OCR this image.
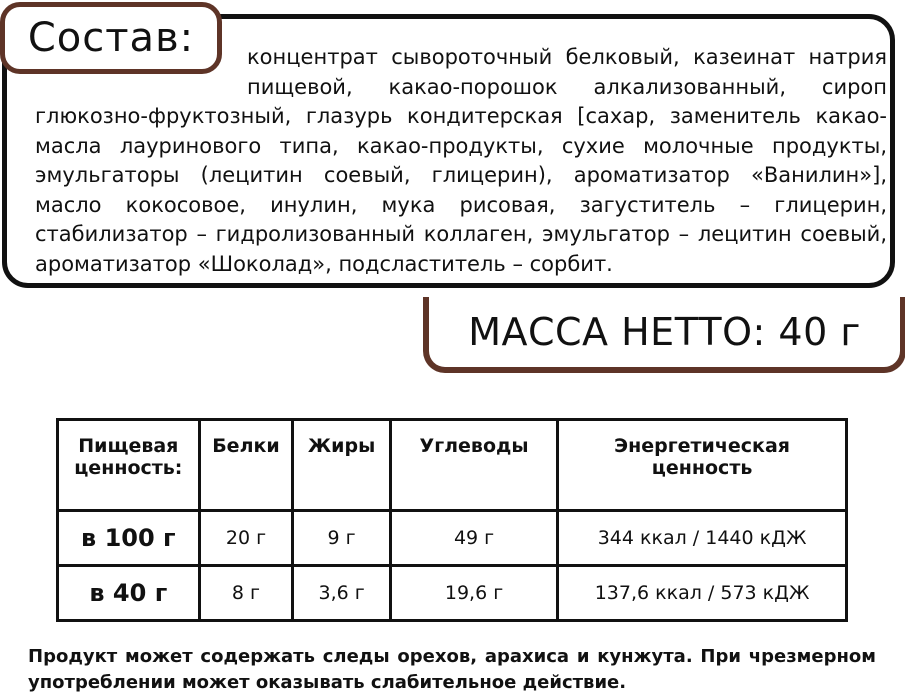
концентрат сывороточный белковый, казеинат натрия пищевой, какао-порошок алкализованный, сироп глюкозно-фруктозный, глазурь кондитерская [сахар, заменитель какао-масла лауринового типа, какао-продукты, сухие молочные продукты, эмульгаторы (лецитин соевый, глицерин), ароматизатор «Ванилин»], масло кокосовое, инулин, мука рисовая, загуститель – глицерин, стабилизатор – гидролизованный коллаген, эмульгатор – лецитин соевый, ароматизатор «Шоколад», подсластитель – сорбит.

Состав:
МАССА НЕТТО: 40 г
Пищевая ценность:	Белки	Жиры	Углеводы	Энергетическая ценность
в 100 г	20 г	9 г	49 г	344 ккал / 1440 кДЖ
в 40 г	8 г	3,6 г	19,6 г	137,6 ккал / 573 кДЖ

Продукт может содержать следы орехов, арахиса и кунжута. При чрезмерном употреблении может оказывать слабительное действие.
